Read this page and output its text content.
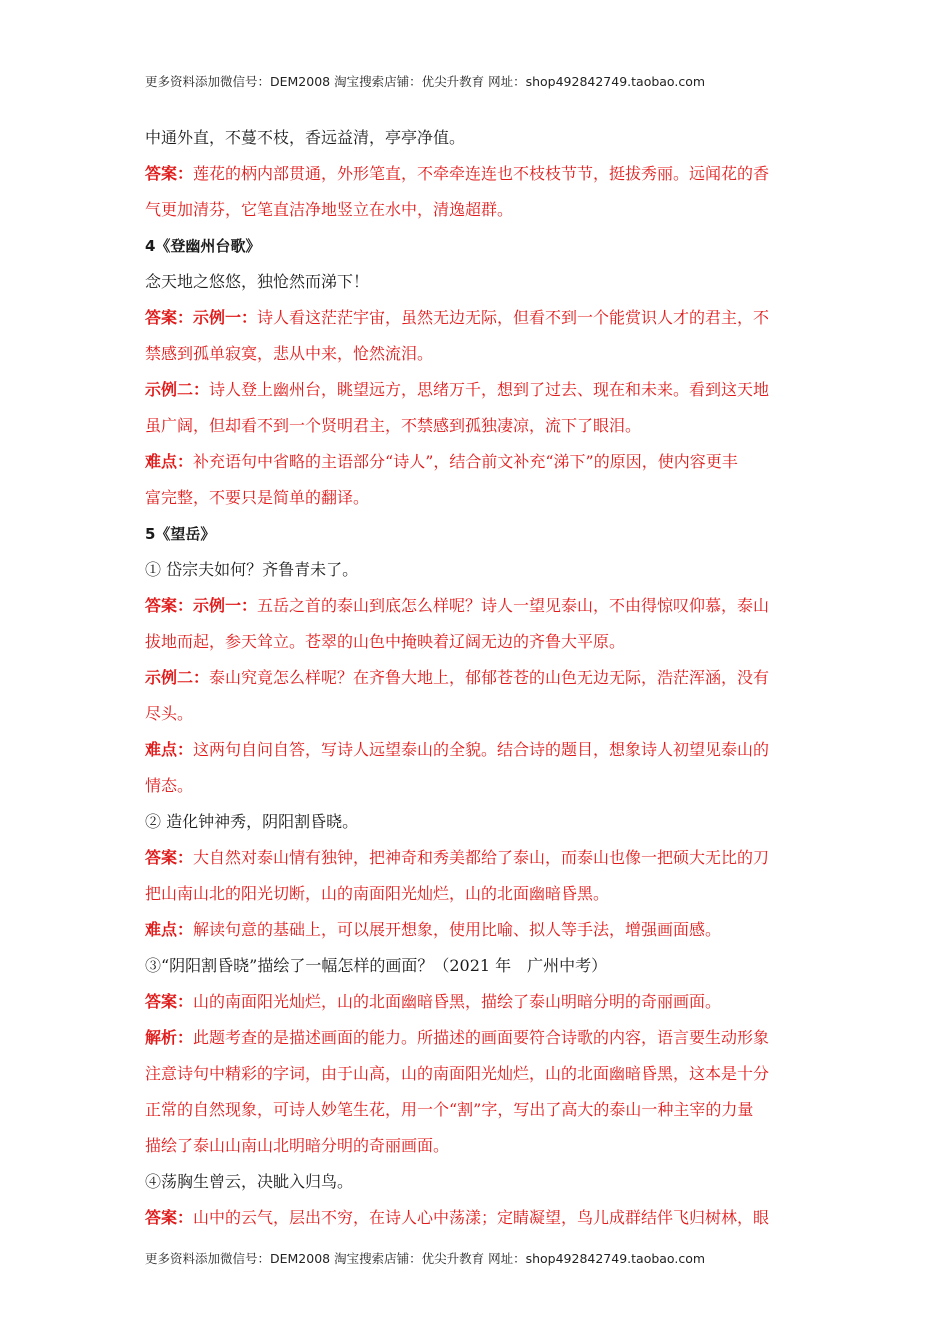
更多资料添加微信号：DEM2008 淘宝搜索店铺：优尖升教育 网址：shop492842749.taobao.com

中通外直，不蔓不枝，香远益清，亭亭净值。

答案：莲花的柄内部贯通，外形笔直，不牵牵连连也不枝枝节节，挺拔秀丽。远闻花的香

气更加清芬，它笔直洁净地竖立在水中，清逸超群。

4《登幽州台歌》

念天地之悠悠，独怆然而涕下！

答案：示例一：诗人看这茫茫宇宙，虽然无边无际，但看不到一个能赏识人才的君主，不

禁感到孤单寂寞，悲从中来，怆然流泪。

示例二：诗人登上幽州台，眺望远方，思绪万千，想到了过去、现在和未来。看到这天地

虽广阔，但却看不到一个贤明君主，不禁感到孤独凄凉，流下了眼泪。

难点：补充语句中省略的主语部分“诗人”，结合前文补充“涕下”的原因，使内容更丰

富完整，不要只是简单的翻译。

5《望岳》

① 岱宗夫如何？齐鲁青未了。

答案：示例一：五岳之首的泰山到底怎么样呢？诗人一望见泰山，不由得惊叹仰慕，泰山

拔地而起，参天耸立。苍翠的山色中掩映着辽阔无边的齐鲁大平原。

示例二：泰山究竟怎么样呢？在齐鲁大地上，郁郁苍苍的山色无边无际，浩茫浑涵，没有

尽头。

难点：这两句自问自答，写诗人远望泰山的全貌。结合诗的题目，想象诗人初望见泰山的

情态。

② 造化钟神秀，阴阳割昏晓。

答案：大自然对泰山情有独钟，把神奇和秀美都给了泰山，而泰山也像一把硕大无比的刀

把山南山北的阳光切断，山的南面阳光灿烂，山的北面幽暗昏黑。

难点：解读句意的基础上，可以展开想象，使用比喻、拟人等手法，增强画面感。

③“阴阳割昏晓”描绘了一幅怎样的画面？（2021 年　广州中考）

答案：山的南面阳光灿烂，山的北面幽暗昏黑，描绘了泰山明暗分明的奇丽画面。

解析：此题考查的是描述画面的能力。所描述的画面要符合诗歌的内容，语言要生动形象

注意诗句中精彩的字词，由于山高，山的南面阳光灿烂，山的北面幽暗昏黑，这本是十分

正常的自然现象，可诗人妙笔生花，用一个“割”字，写出了高大的泰山一种主宰的力量

描绘了泰山山南山北明暗分明的奇丽画面。

④荡胸生曾云，决眦入归鸟。

答案：山中的云气，层出不穷，在诗人心中荡漾；定睛凝望，鸟儿成群结伴飞归树林，眼

更多资料添加微信号：DEM2008 淘宝搜索店铺：优尖升教育 网址：shop492842749.taobao.com
